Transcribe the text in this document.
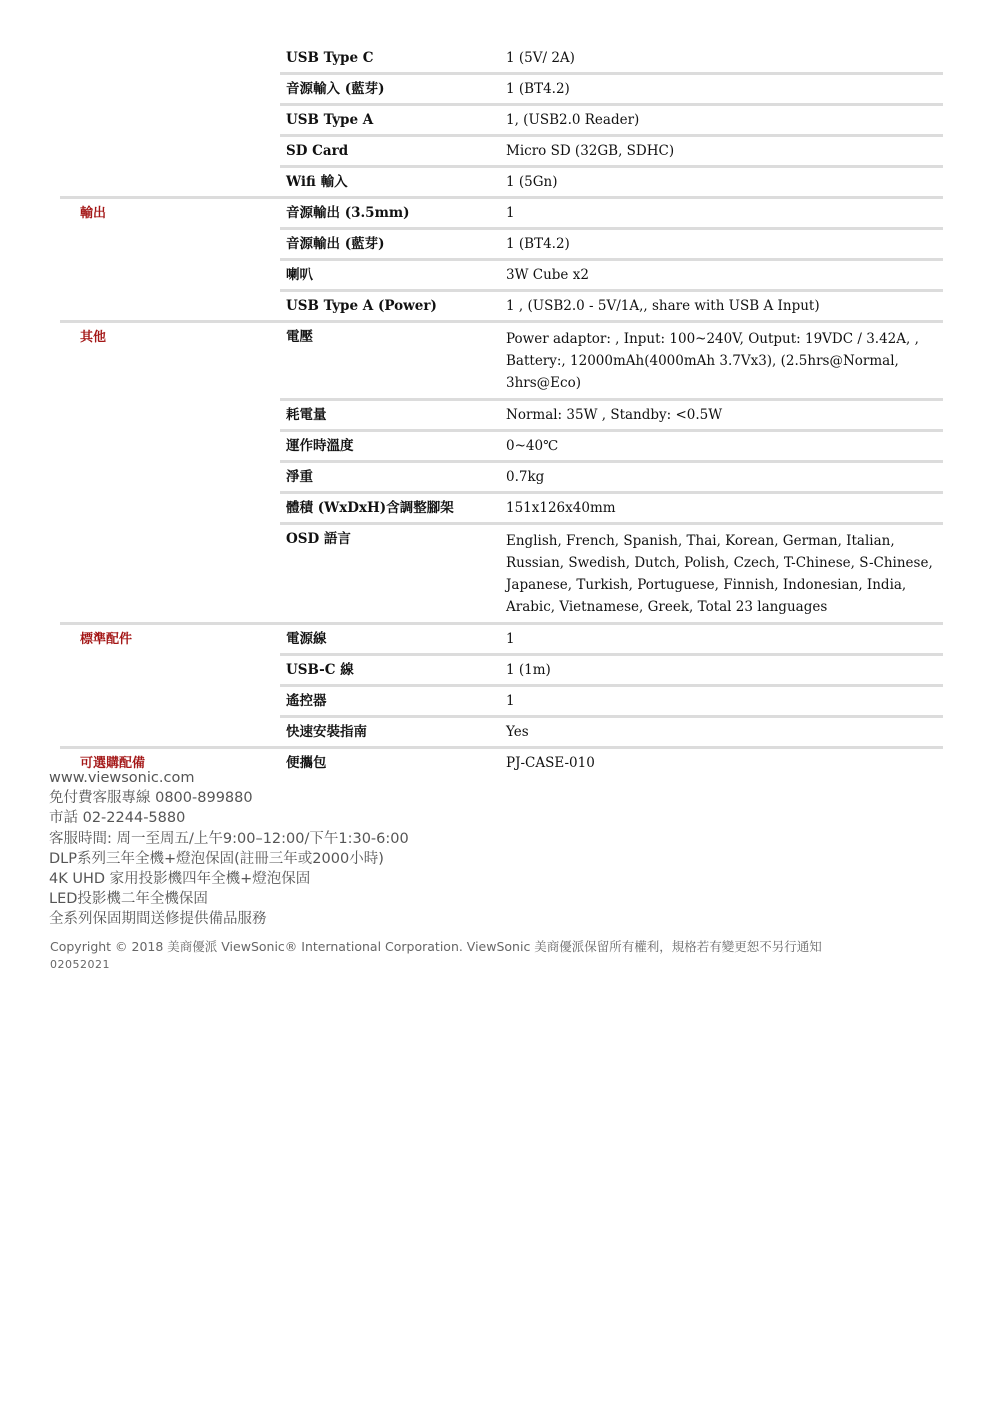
USB Type C	1 (5V/ 2A)
音源輸入 (藍芽)	1 (BT4.2)
USB Type A	1, (USB2.0 Reader)
SD Card	Micro SD (32GB, SDHC)
Wifi 輸入	1 (5Gn)
輸出	音源輸出 (3.5mm)	1
音源輸出 (藍芽)	1 (BT4.2)
喇叭	3W Cube x2
USB Type A (Power)	1 , (USB2.0 - 5V/1A,, share with USB A Input)
其他	電壓	Power adaptor: , Input: 100~240V, Output: 19VDC / 3.42A, , Battery:, 12000mAh(4000mAh 3.7Vx3), (2.5hrs@Normal, 3hrs@Eco)
耗電量	Normal: 35W , Standby: <0.5W
運作時溫度	0~40℃
淨重	0.7kg
體積 (WxDxH)含調整腳架	151x126x40mm
OSD 語言	English, French, Spanish, Thai, Korean, German, Italian, Russian, Swedish, Dutch, Polish, Czech, T-Chinese, S-Chinese, Japanese, Turkish, Portuguese, Finnish, Indonesian, India, Arabic, Vietnamese, Greek, Total 23 languages
標準配件	電源線	1
USB-C 線	1 (1m)
遙控器	1
快速安裝指南	Yes
可選購配備	便攜包	PJ-CASE-010
www.viewsonic.com
免付費客服專線 0800-899880
市話 02-2244-5880
客服時間: 周一至周五/上午9:00–12:00/下午1:30-6:00
DLP系列三年全機+燈泡保固(註冊三年或2000小時)
4K UHD 家用投影機四年全機+燈泡保固
LED投影機二年全機保固
全系列保固期間送修提供備品服務
Copyright © 2018 美商優派 ViewSonic® International Corporation. ViewSonic 美商優派保留所有權利，規格若有變更恕不另行通知
02052021
